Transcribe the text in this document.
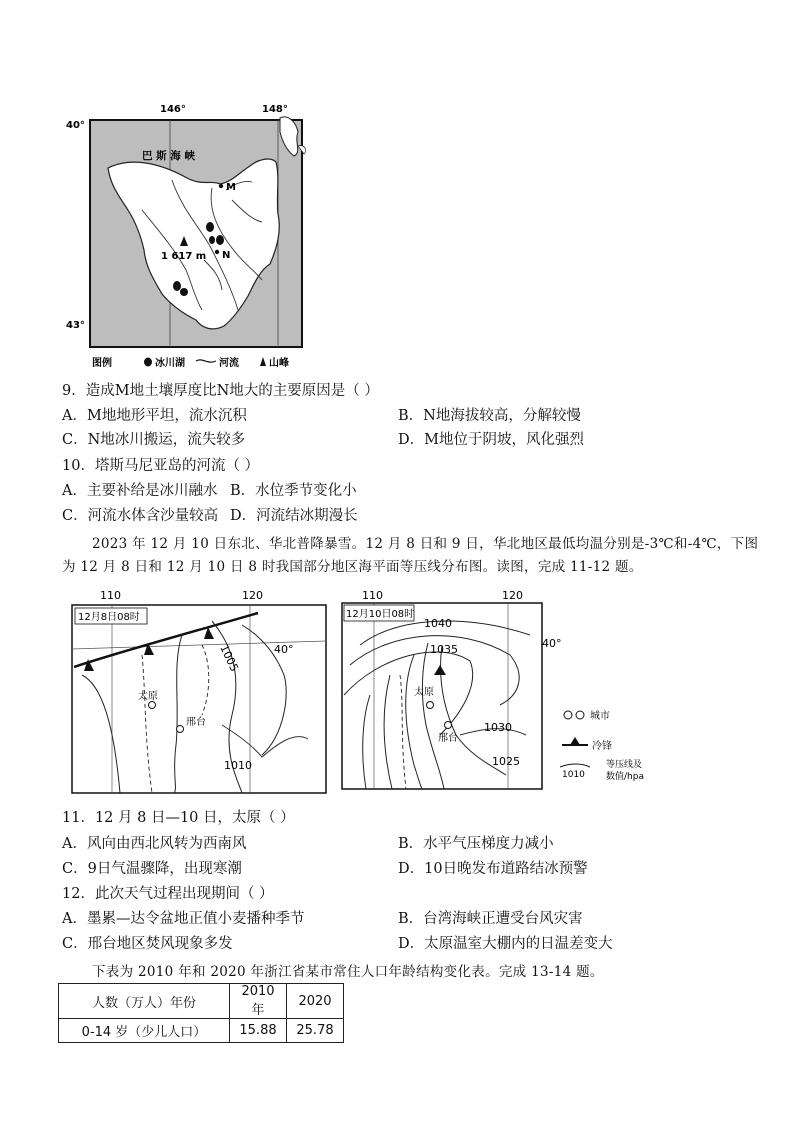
146°	148°
40°
43°
M
N
1 617 m
巴 斯 海 峡
图例	冰川湖	河流	山峰
9．造成M地土壤厚度比N地大的主要原因是（ ）
A．M地地形平坦，流水沉积	B．N地海拔较高，分解较慢
C．N地冰川搬运，流失较多	D．M地位于阴坡，风化强烈
10．塔斯马尼亚岛的河流（ ）
A．主要补给是冰川融水 B．水位季节变化小
C．河流水体含沙量较高 D．河流结冰期漫长
2023 年 12 月 10 日东北、华北普降暴雪。12 月 8 日和 9 日，华北地区最低均温分别是-3℃和-4℃，下图
为 12 月 8 日和 12 月 10 日 8 时我国部分地区海平面等压线分布图。读图，完成 11-12 题。
110	120
40°
12月8日08时
1005
1010
太原
邢台
110	120
40°
12月10日08时
1040
1035
1030
1025
太原
邢台
城市
冷锋
1010
等压线及
数值/hpa
11．12 月 8 日—10 日，太原（ ）
A．风向由西北风转为西南风	B．水平气压梯度力减小
C．9日气温骤降，出现寒潮	D．10日晚发布道路结冰预警
12．此次天气过程出现期间（ ）
A．墨累—达令盆地正值小麦播种季节	B．台湾海峡正遭受台风灾害
C．邢台地区焚风现象多发	D．太原温室大棚内的日温差变大
下表为 2010 年和 2020 年浙江省某市常住人口年龄结构变化表。完成 13-14 题。
人数（万人）年份	2010 年	2020
0-14 岁（少儿人口）	15.88	25.78
